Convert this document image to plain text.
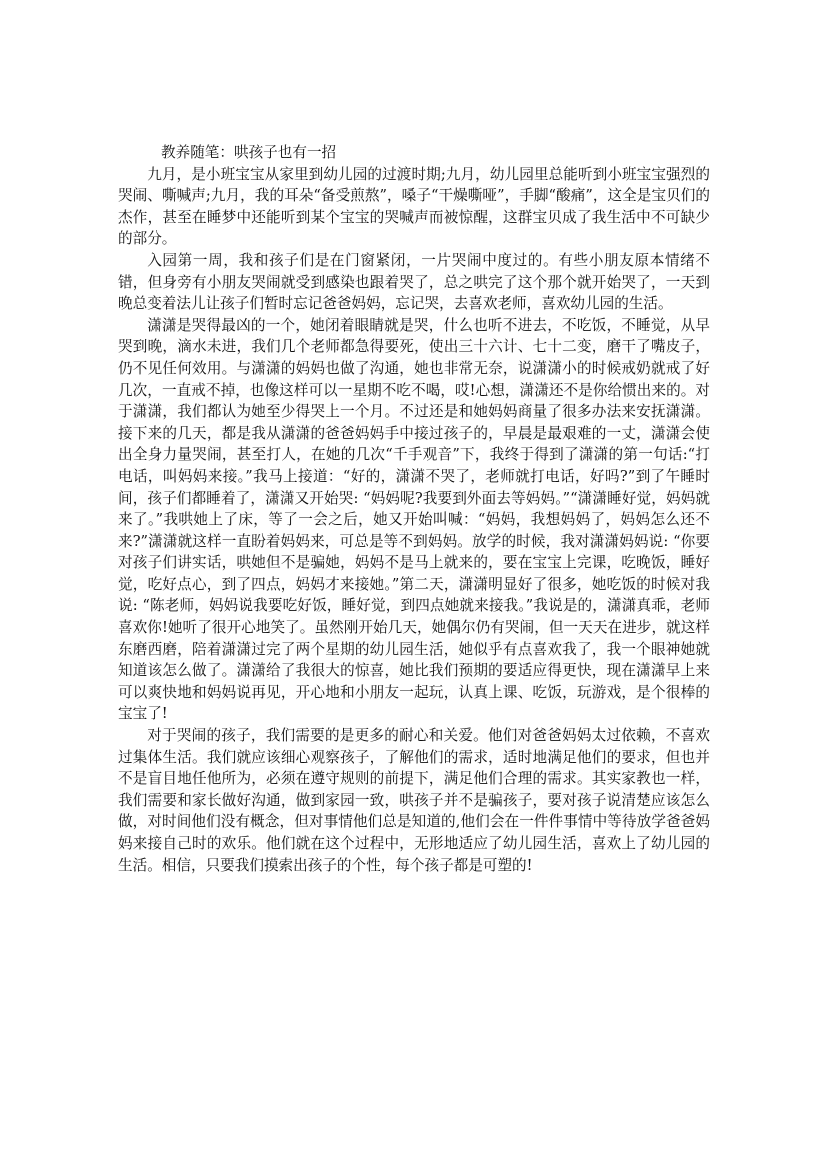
教养随笔：哄孩子也有一招

九月，是小班宝宝从家里到幼儿园的过渡时期;九月，幼儿园里总能听到小班宝宝强烈的哭闹、嘶喊声;九月，我的耳朵“备受煎熬”，嗓子“干燥嘶哑”，手脚“酸痛”，这全是宝贝们的杰作，甚至在睡梦中还能听到某个宝宝的哭喊声而被惊醒，这群宝贝成了我生活中不可缺少的部分。

入园第一周，我和孩子们是在门窗紧闭，一片哭闹中度过的。有些小朋友原本情绪不错，但身旁有小朋友哭闹就受到感染也跟着哭了，总之哄完了这个那个就开始哭了，一天到晚总变着法儿让孩子们暂时忘记爸爸妈妈，忘记哭，去喜欢老师，喜欢幼儿园的生活。

潇潇是哭得最凶的一个，她闭着眼睛就是哭，什么也听不进去，不吃饭，不睡觉，从早哭到晚，滴水未进，我们几个老师都急得要死，使出三十六计、七十二变，磨干了嘴皮子，仍不见任何效用。与潇潇的妈妈也做了沟通，她也非常无奈，说潇潇小的时候戒奶就戒了好几次，一直戒不掉，也像这样可以一星期不吃不喝，哎!心想，潇潇还不是你给惯出来的。对于潇潇，我们都认为她至少得哭上一个月。不过还是和她妈妈商量了很多办法来安抚潇潇。接下来的几天，都是我从潇潇的爸爸妈妈手中接过孩子的，早晨是最艰难的一丈，潇潇会使出全身力量哭闹，甚至打人，在她的几次“千手观音”下，我终于得到了潇潇的第一句话:“打电话，叫妈妈来接。”我马上接道：“好的，潇潇不哭了，老师就打电话，好吗?”到了午睡时间，孩子们都睡着了，潇潇又开始哭: “妈妈呢?我要到外面去等妈妈。”“潇潇睡好觉，妈妈就来了。”我哄她上了床，等了一会之后，她又开始叫喊：“妈妈，我想妈妈了，妈妈怎么还不来?”潇潇就这样一直盼着妈妈来，可总是等不到妈妈。放学的时候，我对潇潇妈妈说: “你要对孩子们讲实话，哄她但不是骗她，妈妈不是马上就来的，要在宝宝上完课，吃晚饭，睡好觉，吃好点心，到了四点，妈妈才来接她。”第二天，潇潇明显好了很多，她吃饭的时候对我说: “陈老师，妈妈说我要吃好饭，睡好觉，到四点她就来接我。”我说是的，潇潇真乖，老师喜欢你!她听了很开心地笑了。虽然刚开始几天，她偶尔仍有哭闹，但一天天在进步，就这样东磨西磨，陪着潇潇过完了两个星期的幼儿园生活，她似乎有点喜欢我了，我一个眼神她就知道该怎么做了。潇潇给了我很大的惊喜，她比我们预期的要适应得更快，现在潇潇早上来可以爽快地和妈妈说再见，开心地和小朋友一起玩，认真上课、吃饭，玩游戏，是个很棒的宝宝了!

对于哭闹的孩子，我们需要的是更多的耐心和关爱。他们对爸爸妈妈太过依赖，不喜欢过集体生活。我们就应该细心观察孩子，了解他们的需求，适时地满足他们的要求，但也并不是盲目地任他所为，必须在遵守规则的前提下，满足他们合理的需求。其实家教也一样，我们需要和家长做好沟通，做到家园一致，哄孩子并不是骗孩子，要对孩子说清楚应该怎么做，对时间他们没有概念，但对事情他们总是知道的,他们会在一件件事情中等待放学爸爸妈妈来接自己时的欢乐。他们就在这个过程中，无形地适应了幼儿园生活，喜欢上了幼儿园的生活。相信，只要我们摸索出孩子的个性，每个孩子都是可塑的!
